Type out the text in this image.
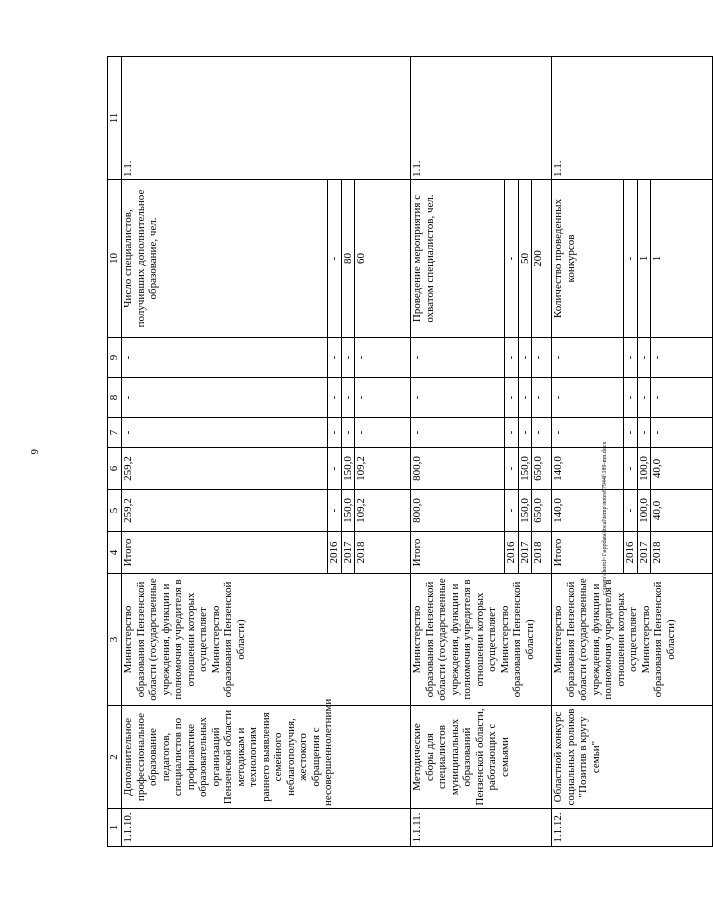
6	c:\users\shorol~1\appdata\local\temp\notes87944f\189-mn.docx
1	2	3	4	5	6	7	8	9	10	11
1.1.10.	Дополнительное профессиональное образование педагогов, специалистов по профилактике образовательных организаций Пензенской области методикам и технологиям раннего выявления семейного неблагополучия, жестокого обращения с несовершеннолетними	Министерство образования Пензенской области (государственные учреждения, функции и полномочия учредителя в отношении которых осуществляет Министерство образования Пензенской области)	Итого	259,2	259,2	-	-	-	Число специалистов, получивших дополнительное образование, чел.	1.1.
			2016	-	-	-	-	-	-	
			2017	150,0	150,0	-	-	-	80	
			2018	109,2	109,2	-	-	-	60	
1.1.11.	Методические сборы для специалистов муниципальных образований Пензенской области, работающих с семьями	Министерство образования Пензенской области (государственные учреждения, функции и полномочия учредителя в отношении которых осуществляет Министерство образования Пензенской области)	Итого	800,0	800,0	-	-	-	Проведение мероприятия с охватом специалистов, чел.	1.1.
			2016	-	-	-	-	-	-	
			2017	150,0	150,0	-	-	-	50	
			2018	650,0	650,0	-	-	-	200	
1.1.12.	Областной конкурс социальных роликов "Позитив в кругу семьи"	Министерство образования Пензенской области (государственные учреждения, функции и полномочия учредителя в отношении которых осуществляет Министерство образования Пензенской области)	Итого	140,0	140,0	-	-	-	Количество проведенных конкурсов	1.1.
			2016	-	-	-	-	-	-	
			2017	100,0	100,0	-	-	-	1	
			2018	40,0	40,0	-	-	-	1	
